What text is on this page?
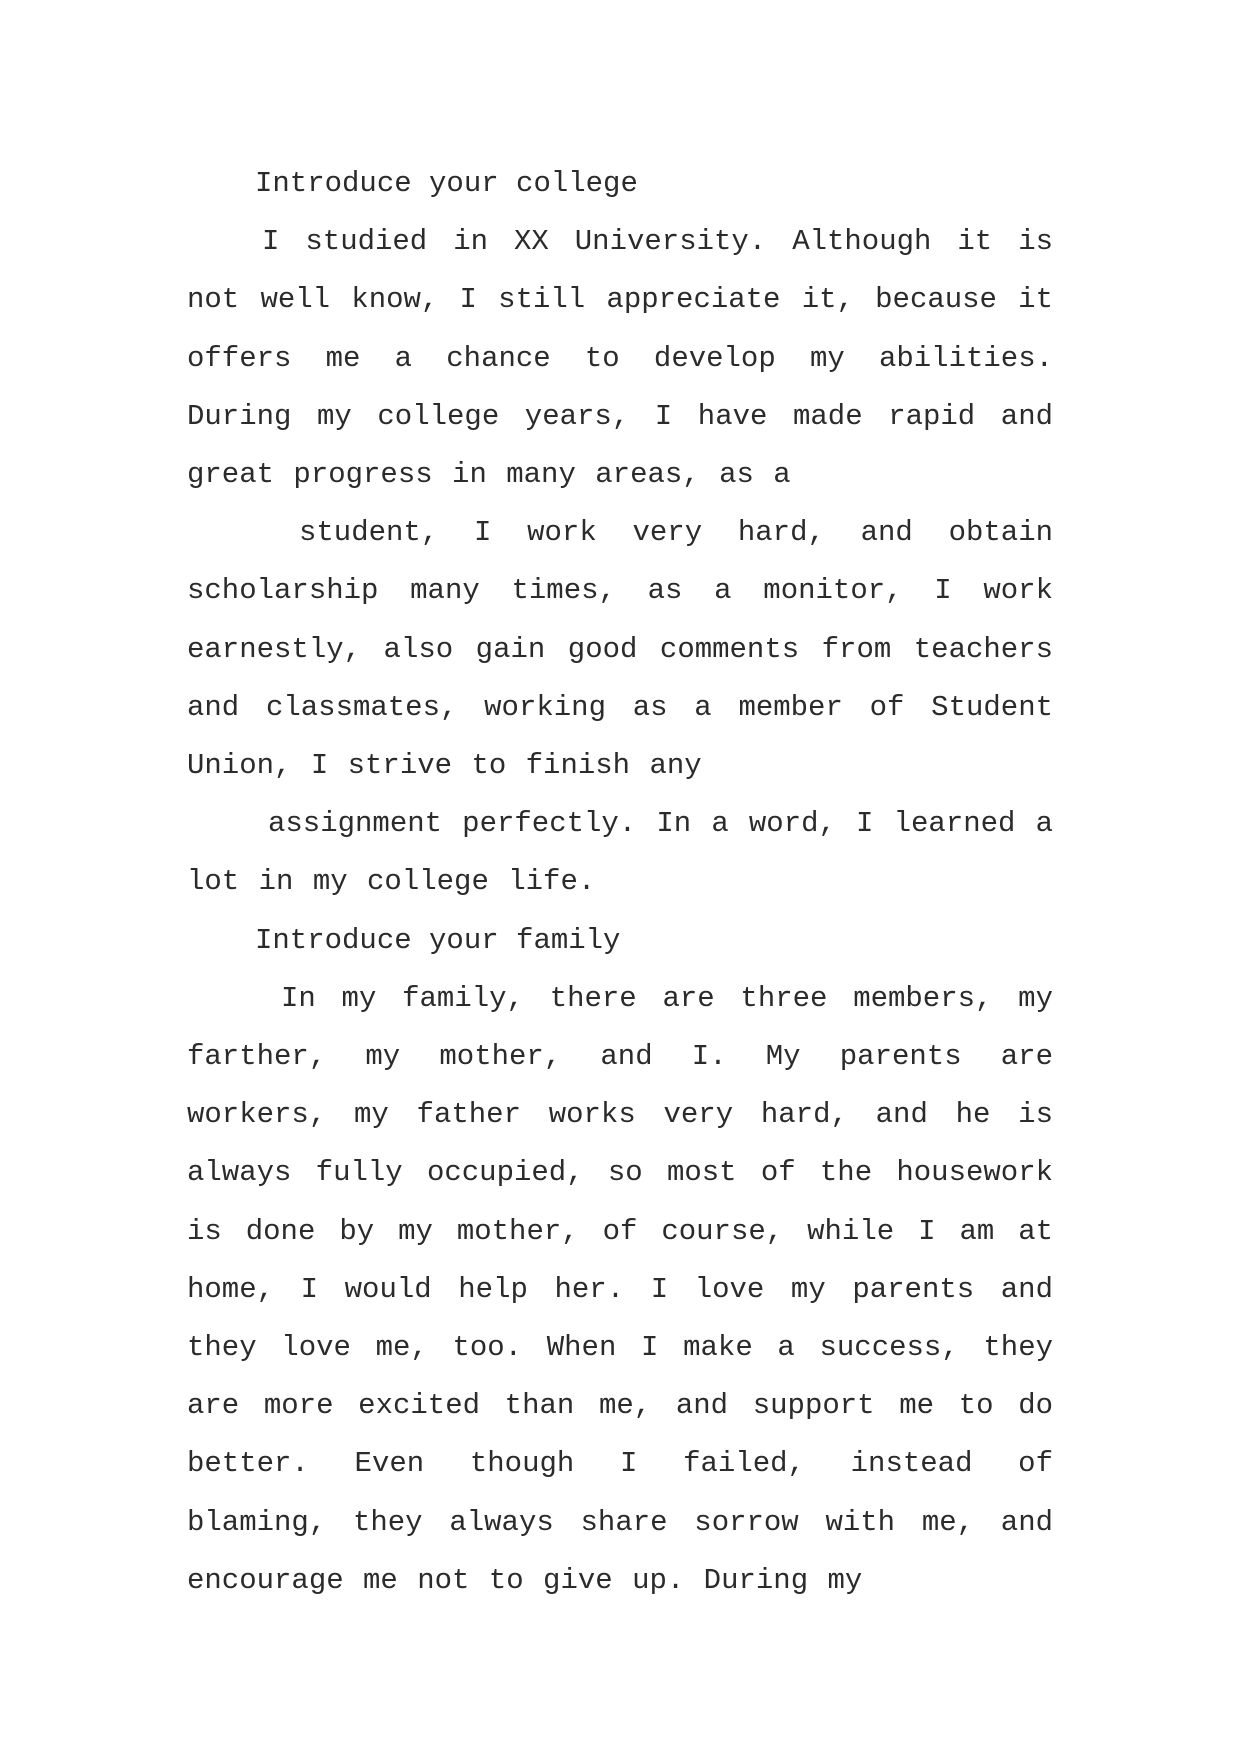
Introduce your college

I studied in XX University. Although it is not well know, I still appreciate it, because it offers me a chance to develop my abilities. During my college years, I have made rapid and great progress in many areas, as a

student, I work very hard, and obtain scholarship many times, as a monitor, I work earnestly, also gain good comments from teachers and classmates, working as a member of Student Union, I strive to finish any

assignment perfectly. In a word, I learned a lot in my college life.

Introduce your family

In my family, there are three members, my farther, my mother, and I. My parents are workers, my father works very hard, and he is always fully occupied, so most of the housework is done by my mother, of course, while I am at home, I would help her. I love my parents and they love me, too. When I make a success, they are more excited than me, and support me to do better. Even though I failed, instead of blaming, they always share sorrow with me, and encourage me not to give up. During my
